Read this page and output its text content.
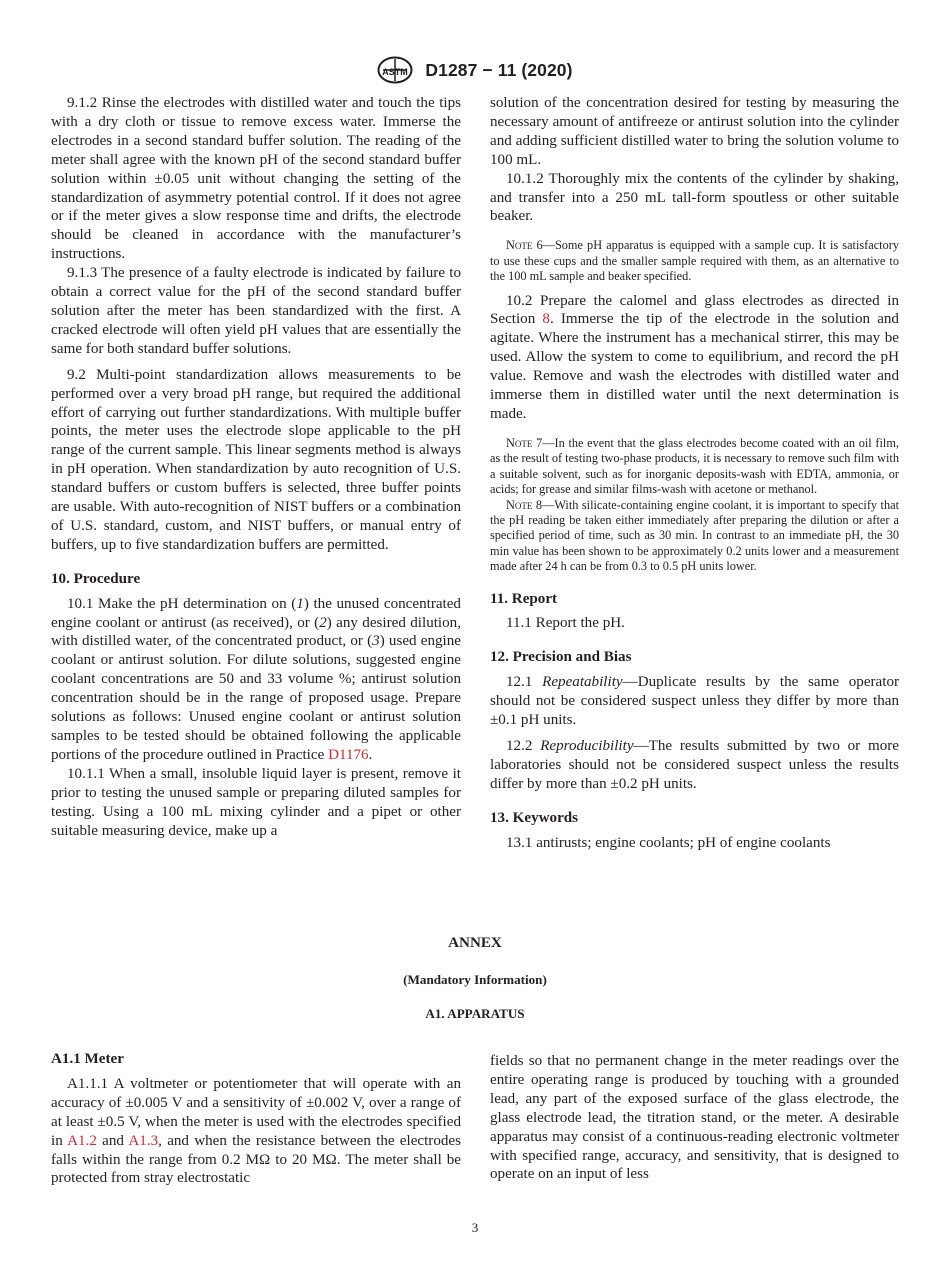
ASTM D1287 − 11 (2020)

9.1.2 Rinse the electrodes with distilled water and touch the tips with a dry cloth or tissue to remove excess water. Immerse the electrodes in a second standard buffer solution. The reading of the meter shall agree with the known pH of the second standard buffer solution within ±0.05 unit without changing the setting of the standardization of asymmetry potential control. If it does not agree or if the meter gives a slow response time and drifts, the electrode should be cleaned in accordance with the manufacturer’s instructions.

9.1.3 The presence of a faulty electrode is indicated by failure to obtain a correct value for the pH of the second standard buffer solution after the meter has been standardized with the first. A cracked electrode will often yield pH values that are essentially the same for both standard buffer solutions.

9.2 Multi-point standardization allows measurements to be performed over a very broad pH range, but required the additional effort of carrying out further standardizations. With multiple buffer points, the meter uses the electrode slope applicable to the pH range of the current sample. This linear segments method is always in pH operation. When standardization by auto recognition of U.S. standard buffers or custom buffers is selected, three buffer points are usable. With auto-recognition of NIST buffers or a combination of U.S. standard, custom, and NIST buffers, or manual entry of buffers, up to five standardization buffers are permitted.

10. Procedure

10.1 Make the pH determination on (1) the unused concentrated engine coolant or antirust (as received), or (2) any desired dilution, with distilled water, of the concentrated product, or (3) used engine coolant or antirust solution. For dilute solutions, suggested engine coolant concentrations are 50 and 33 volume %; antirust solution concentration should be in the range of proposed usage. Prepare solutions as follows: Unused engine coolant or antirust solution samples to be tested should be obtained following the applicable portions of the procedure outlined in Practice D1176.

10.1.1 When a small, insoluble liquid layer is present, remove it prior to testing the unused sample or preparing diluted samples for testing. Using a 100 mL mixing cylinder and a pipet or other suitable measuring device, make up a

solution of the concentration desired for testing by measuring the necessary amount of antifreeze or antirust solution into the cylinder and adding sufficient distilled water to bring the solution volume to 100 mL.

10.1.2 Thoroughly mix the contents of the cylinder by shaking, and transfer into a 250 mL tall-form spoutless or other suitable beaker.

Note 6—Some pH apparatus is equipped with a sample cup. It is satisfactory to use these cups and the smaller sample required with them, as an alternative to the 100 mL sample and beaker specified.

10.2 Prepare the calomel and glass electrodes as directed in Section 8. Immerse the tip of the electrode in the solution and agitate. Where the instrument has a mechanical stirrer, this may be used. Allow the system to come to equilibrium, and record the pH value. Remove and wash the electrodes with distilled water and immerse them in distilled water until the next determination is made.

Note 7—In the event that the glass electrodes become coated with an oil film, as the result of testing two-phase products, it is necessary to remove such film with a suitable solvent, such as for inorganic deposits-wash with EDTA, ammonia, or acids; for grease and similar films-wash with acetone or methanol.

Note 8—With silicate-containing engine coolant, it is important to specify that the pH reading be taken either immediately after preparing the dilution or after a specified period of time, such as 30 min. In contrast to an immediate pH, the 30 min value has been shown to be approximately 0.2 units lower and a measurement made after 24 h can be from 0.3 to 0.5 pH units lower.

11. Report

11.1 Report the pH.

12. Precision and Bias

12.1 Repeatability—Duplicate results by the same operator should not be considered suspect unless they differ by more than ±0.1 pH units.

12.2 Reproducibility—The results submitted by two or more laboratories should not be considered suspect unless the results differ by more than ±0.2 pH units.

13. Keywords

13.1 antirusts; engine coolants; pH of engine coolants

ANNEX
(Mandatory Information)
A1. APPARATUS

A1.1 Meter

A1.1.1 A voltmeter or potentiometer that will operate with an accuracy of ±0.005 V and a sensitivity of ±0.002 V, over a range of at least ±0.5 V, when the meter is used with the electrodes specified in A1.2 and A1.3, and when the resistance between the electrodes falls within the range from 0.2 MΩ to 20 MΩ. The meter shall be protected from stray electrostatic

fields so that no permanent change in the meter readings over the entire operating range is produced by touching with a grounded lead, any part of the exposed surface of the glass electrode, the glass electrode lead, the titration stand, or the meter. A desirable apparatus may consist of a continuous-reading electronic voltmeter with specified range, accuracy, and sensitivity, that is designed to operate on an input of less

3
